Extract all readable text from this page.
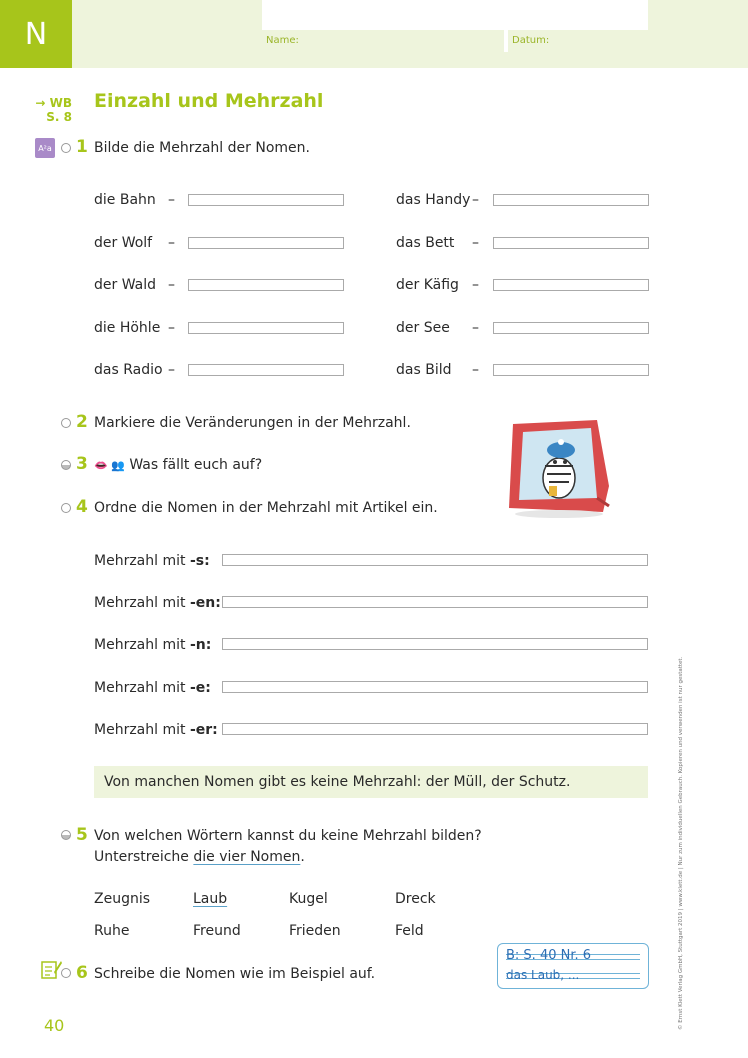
N	Name:	Datum:
→ WB
S. 8
Einzahl und Mehrzahl
A²a 1 Bilde die Mehrzahl der Nomen.
die Bahn –	das Handy –
der Wolf –	das Bett –
der Wald –	der Käfig –
die Höhle –	der See –
das Radio –	das Bild –
2 Markiere die Veränderungen in der Mehrzahl.
3 👄 👥 Was fällt euch auf?
4 Ordne die Nomen in der Mehrzahl mit Artikel ein.
Mehrzahl mit -s:
Mehrzahl mit -en:
Mehrzahl mit -n:
Mehrzahl mit -e:
Mehrzahl mit -er:
Von manchen Nomen gibt es keine Mehrzahl: der Müll, der Schutz.
5 Von welchen Wörtern kannst du keine Mehrzahl bilden?
Unterstreiche die vier Nomen.
Zeugnis	Laub	Kugel	Dreck
Ruhe	Freund	Frieden	Feld
6 Schreibe die Nomen wie im Beispiel auf.
B: S. 40 Nr. 6
das Laub, ...
40	© Ernst Klett Verlag GmbH, Stuttgart 2019 | www.klett.de | Nur zum individuellen Gebrauch. Kopieren und verwenden ist nur gestattet.
